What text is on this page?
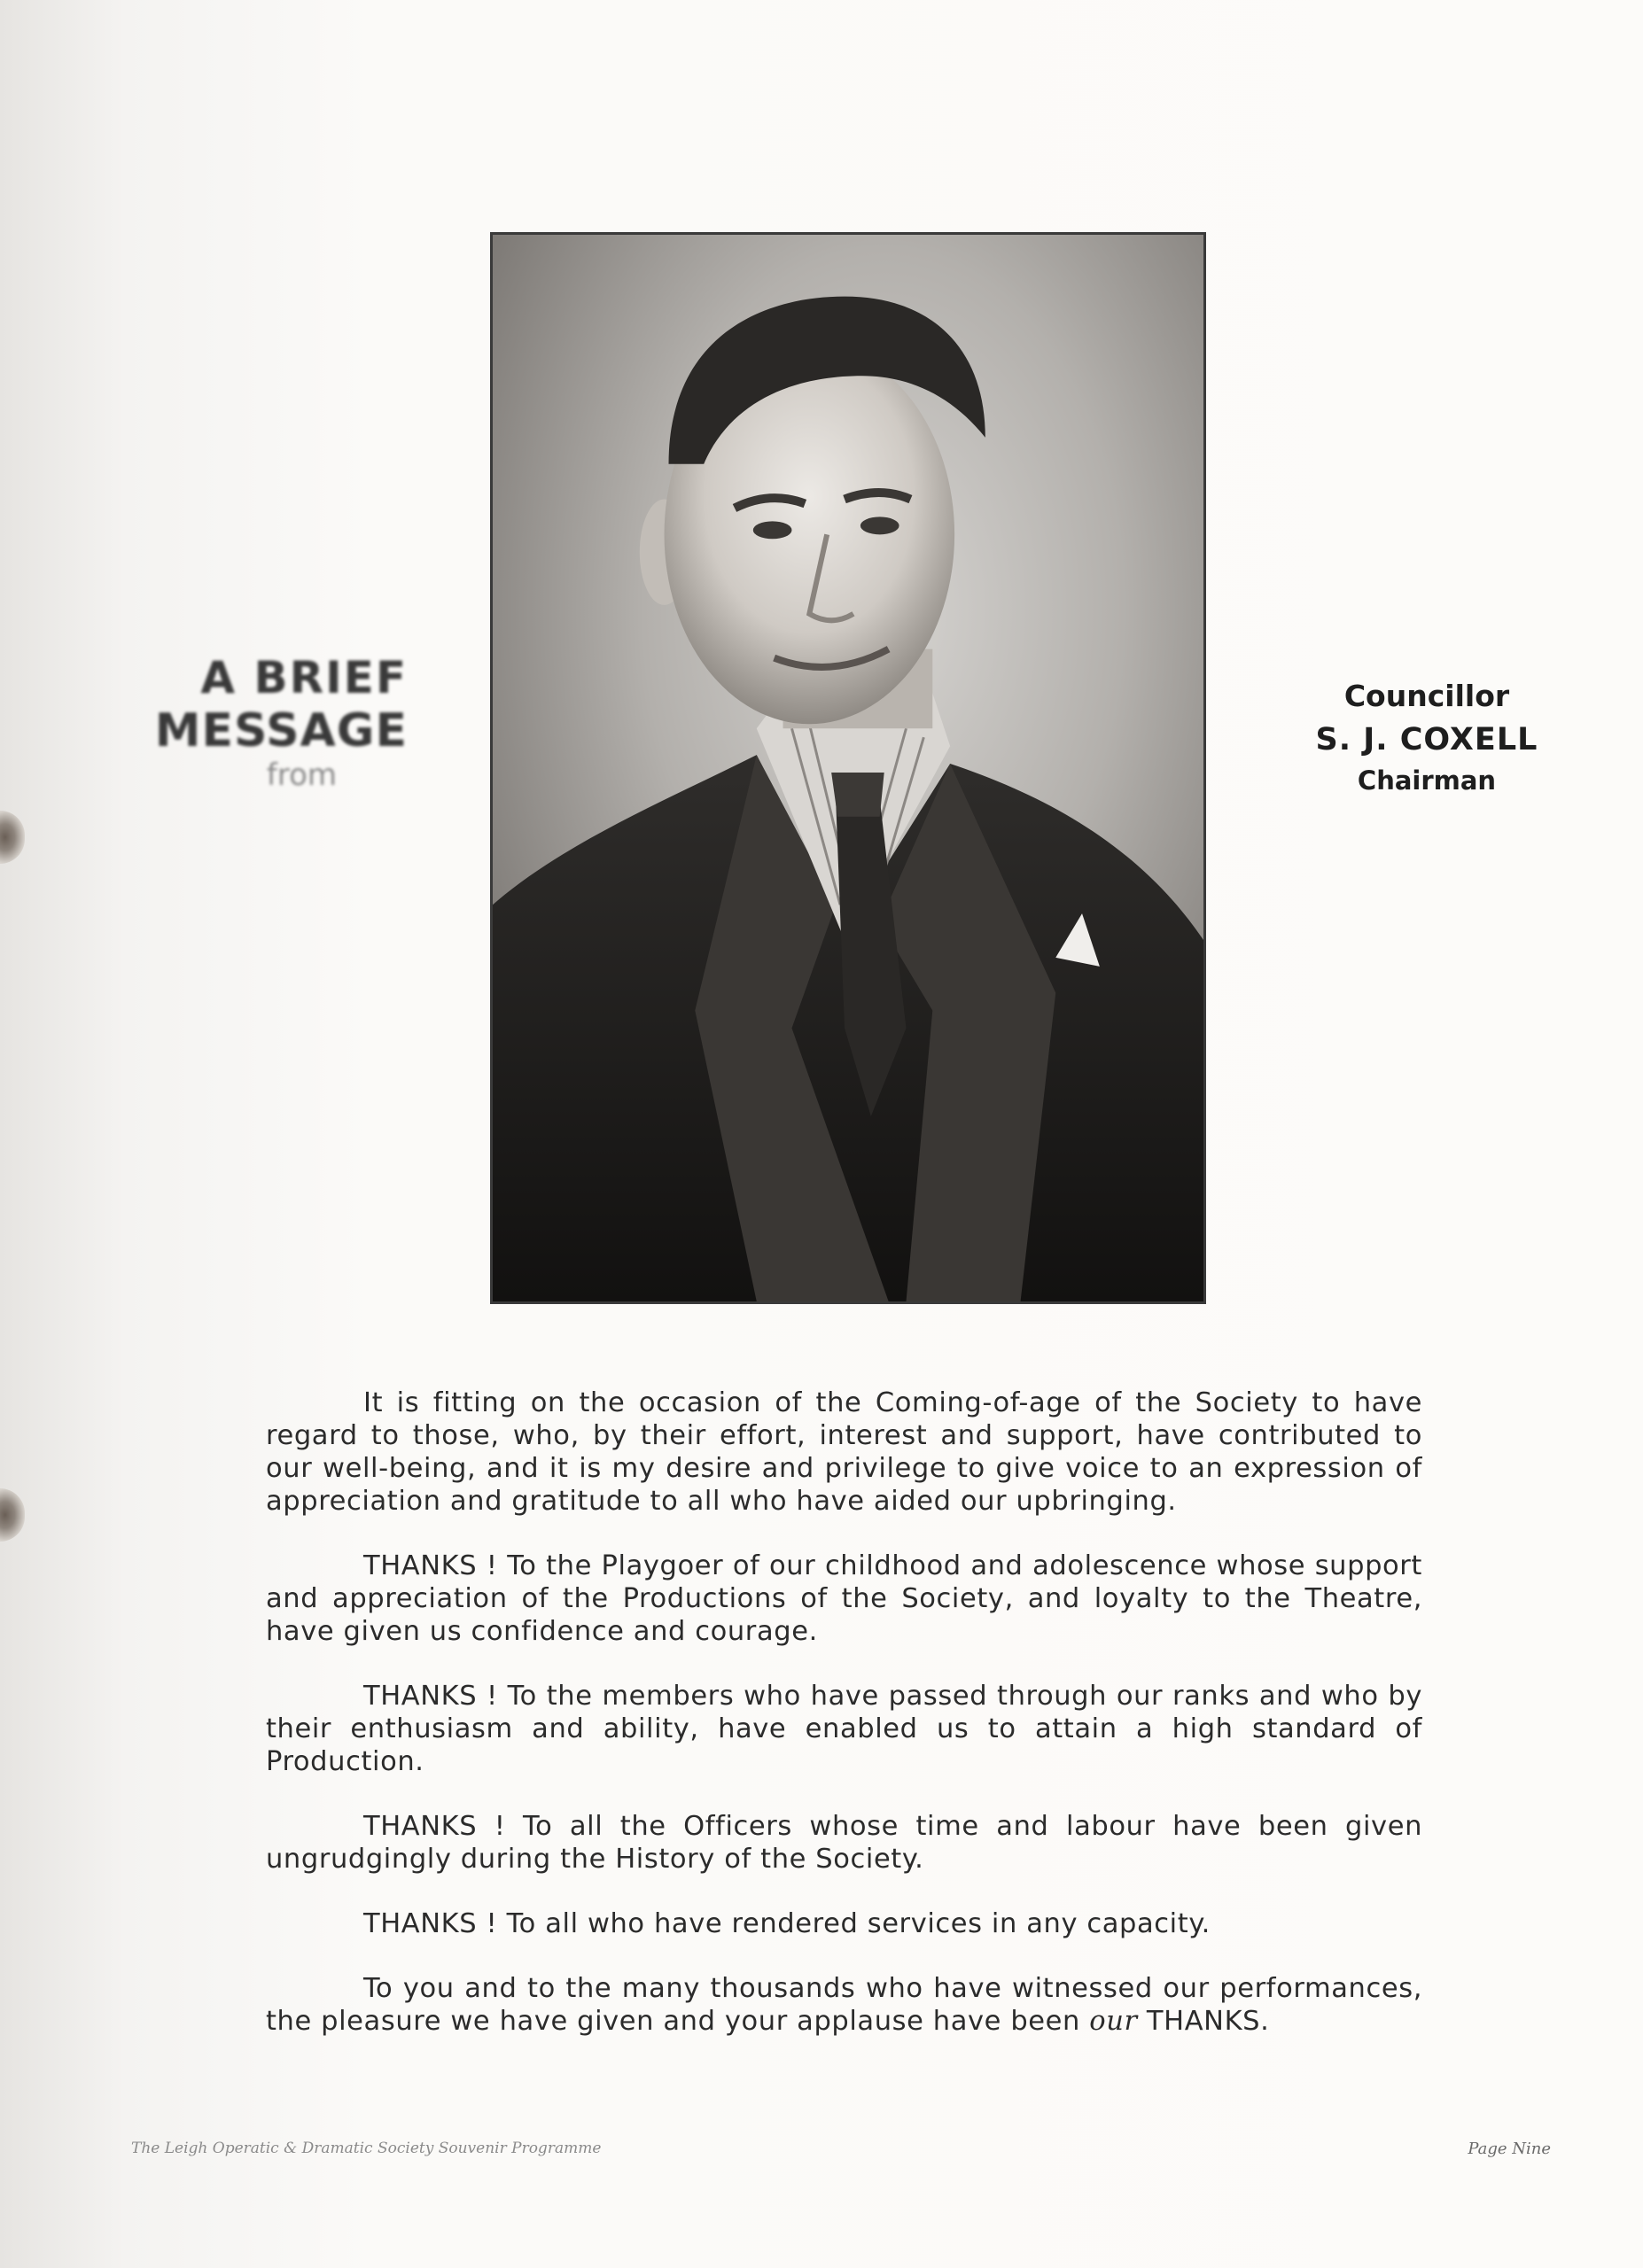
A BRIEF
MESSAGE
from
Councillor
S. J. COXELL
Chairman

It is fitting on the occasion of the Coming-of-age of the Society to have regard to those, who, by their effort, interest and support, have contributed to our well-being, and it is my desire and privilege to give voice to an expression of appreciation and gratitude to all who have aided our upbringing.

THANKS ! To the Playgoer of our childhood and adolescence whose support and appreciation of the Productions of the Society, and loyalty to the Theatre, have given us confidence and courage.

THANKS ! To the members who have passed through our ranks and who by their enthusiasm and ability, have enabled us to attain a high standard of Production.

THANKS ! To all the Officers whose time and labour have been given ungrudgingly during the History of the Society.

THANKS ! To all who have rendered services in any capacity.

To you and to the many thousands who have witnessed our performances, the pleasure we have given and your applause have been our THANKS.

The Leigh Operatic & Dramatic Society Souvenir Programme	Page Nine
